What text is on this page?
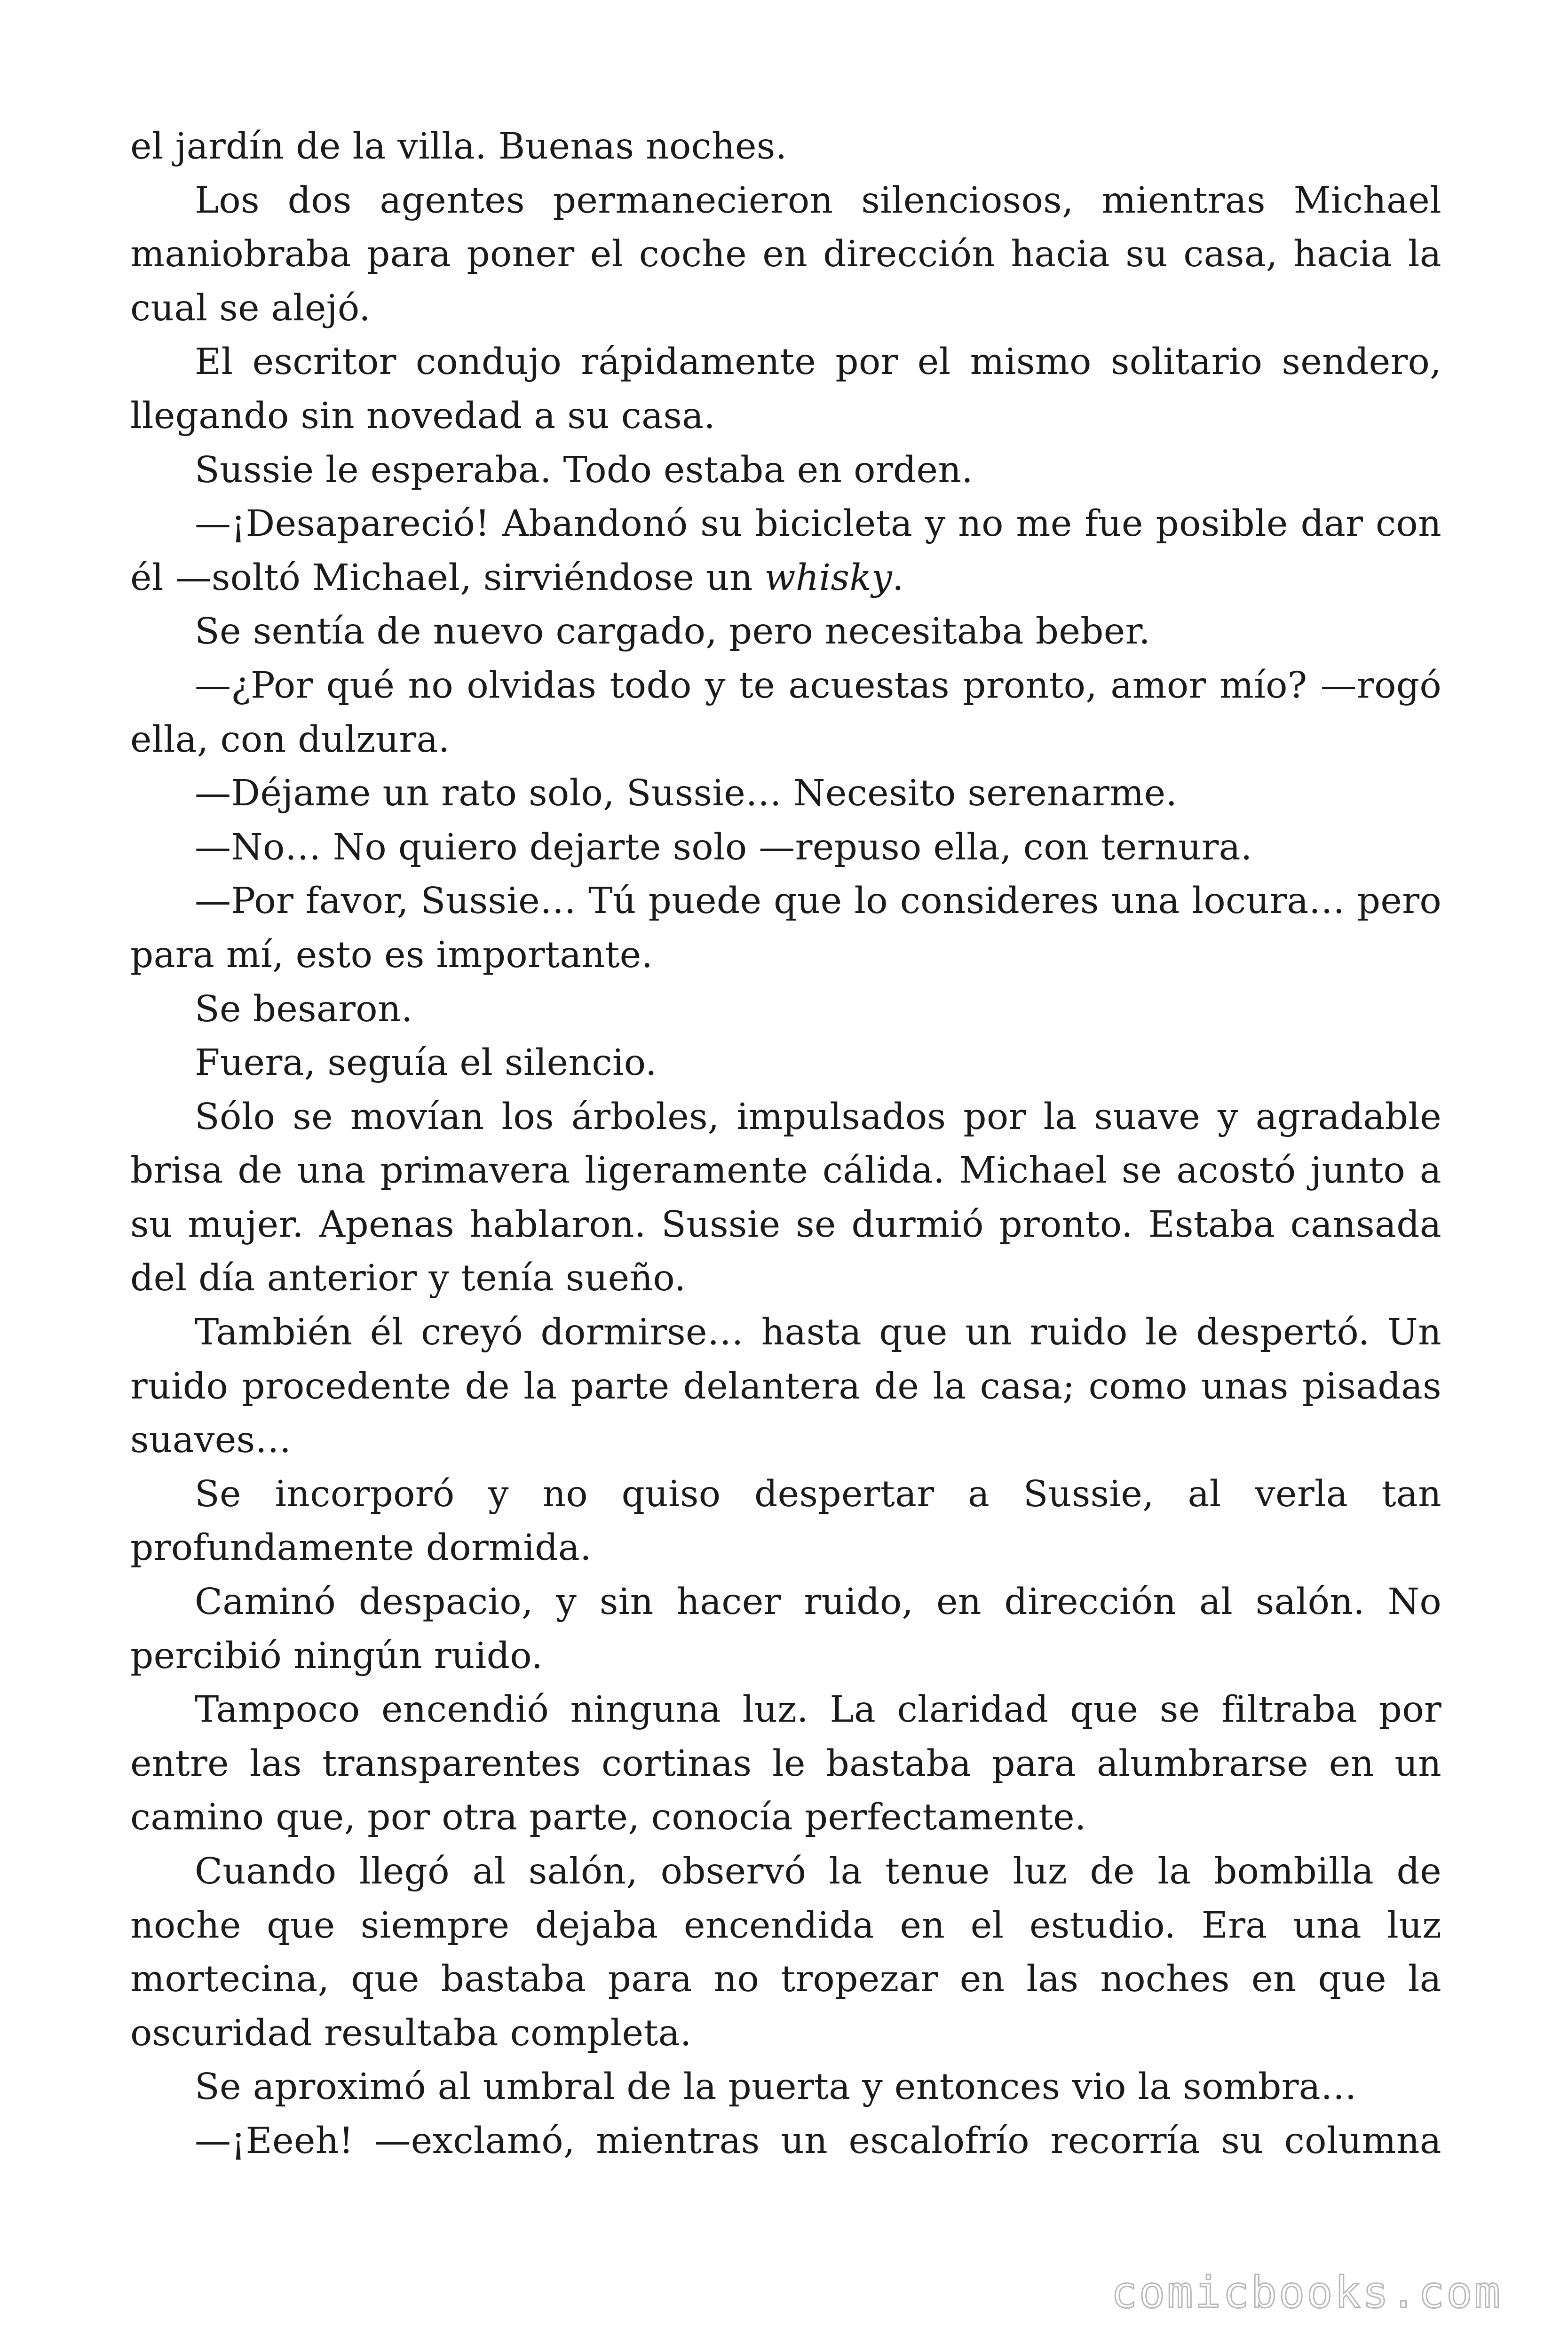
el jardín de la villa. Buenas noches.

Los dos agentes permanecieron silenciosos, mientras Michael maniobraba para poner el coche en dirección hacia su casa, hacia la cual se alejó.

El escritor condujo rápidamente por el mismo solitario sendero, llegando sin novedad a su casa.

Sussie le esperaba. Todo estaba en orden.

—¡Desapareció! Abandonó su bicicleta y no me fue posible dar con él —soltó Michael, sirviéndose un whisky.

Se sentía de nuevo cargado, pero necesitaba beber.

—¿Por qué no olvidas todo y te acuestas pronto, amor mío? —rogó ella, con dulzura.

—Déjame un rato solo, Sussie… Necesito serenarme.

—No… No quiero dejarte solo —repuso ella, con ternura.

—Por favor, Sussie… Tú puede que lo consideres una locura… pero para mí, esto es importante.

Se besaron.

Fuera, seguía el silencio.

Sólo se movían los árboles, impulsados por la suave y agradable brisa de una primavera ligeramente cálida. Michael se acostó junto a su mujer. Apenas hablaron. Sussie se durmió pronto. Estaba cansada del día anterior y tenía sueño.

También él creyó dormirse… hasta que un ruido le despertó. Un ruido procedente de la parte delantera de la casa; como unas pisadas suaves…

Se incorporó y no quiso despertar a Sussie, al verla tan profundamente dormida.

Caminó despacio, y sin hacer ruido, en dirección al salón. No percibió ningún ruido.

Tampoco encendió ninguna luz. La claridad que se filtraba por entre las transparentes cortinas le bastaba para alumbrarse en un camino que, por otra parte, conocía perfectamente.

Cuando llegó al salón, observó la tenue luz de la bombilla de noche que siempre dejaba encendida en el estudio. Era una luz mortecina, que bastaba para no tropezar en las noches en que la oscuridad resultaba completa.

Se aproximó al umbral de la puerta y entonces vio la sombra…

—¡Eeeh! —exclamó, mientras un escalofrío recorría su columna

comicbooks.com
